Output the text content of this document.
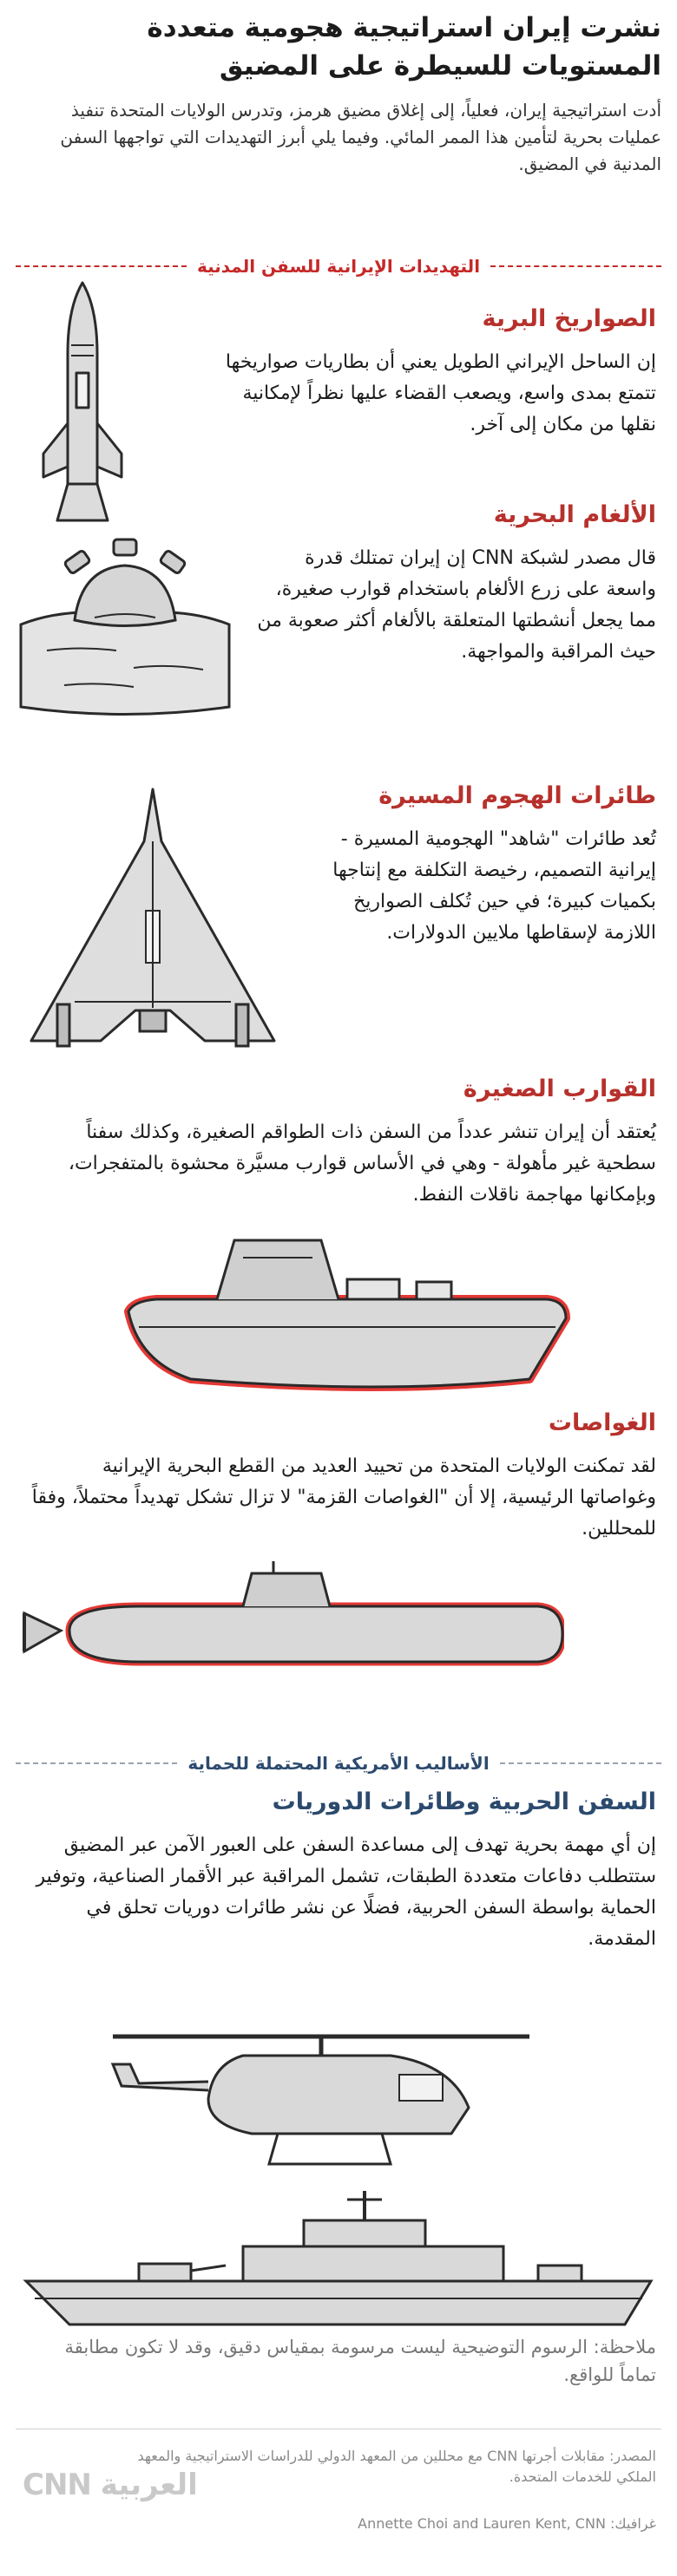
نشرت إيران استراتيجية هجومية متعددة المستويات للسيطرة على المضيق

أدت استراتيجية إيران، فعلياً، إلى إغلاق مضيق هرمز، وتدرس الولايات المتحدة تنفيذ عمليات بحرية لتأمين هذا الممر المائي. وفيما يلي أبرز التهديدات التي تواجهها السفن المدنية في المضيق.

التهديدات الإيرانية للسفن المدنية
الصواريخ البرية

إن الساحل الإيراني الطويل يعني أن بطاريات صواريخها تتمتع بمدى واسع، ويصعب القضاء عليها نظراً لإمكانية نقلها من مكان إلى آخر.

الألغام البحرية

قال مصدر لشبكة CNN إن إيران تمتلك قدرة واسعة على زرع الألغام باستخدام قوارب صغيرة، مما يجعل أنشطتها المتعلقة بالألغام أكثر صعوبة من حيث المراقبة والمواجهة.

طائرات الهجوم المسيرة

تُعد طائرات "شاهد" الهجومية المسيرة - إيرانية التصميم، رخيصة التكلفة مع إنتاجها بكميات كبيرة؛ في حين تُكلف الصواريخ اللازمة لإسقاطها ملايين الدولارات.

القوارب الصغيرة

يُعتقد أن إيران تنشر عدداً من السفن ذات الطواقم الصغيرة، وكذلك سفناً سطحية غير مأهولة - وهي في الأساس قوارب مسيَّرة محشوة بالمتفجرات، وبإمكانها مهاجمة ناقلات النفط.

الغواصات

لقد تمكنت الولايات المتحدة من تحييد العديد من القطع البحرية الإيرانية وغواصاتها الرئيسية، إلا أن "الغواصات القزمة" لا تزال تشكل تهديداً محتملاً، وفقاً للمحللين.

الأساليب الأمريكية المحتملة للحماية
السفن الحربية وطائرات الدوريات

إن أي مهمة بحرية تهدف إلى مساعدة السفن على العبور الآمن عبر المضيق ستتطلب دفاعات متعددة الطبقات، تشمل المراقبة عبر الأقمار الصناعية، وتوفير الحماية بواسطة السفن الحربية، فضلًا عن نشر طائرات دوريات تحلق في المقدمة.

ملاحظة: الرسوم التوضيحية ليست مرسومة بمقياس دقيق، وقد لا تكون مطابقة تماماً للواقع.

المصدر: مقابلات أجرتها CNN مع محللين من المعهد الدولي للدراسات الاستراتيجية والمعهد الملكي للخدمات المتحدة.

غرافيك: Annette Choi and Lauren Kent, CNN

CNN العربية
